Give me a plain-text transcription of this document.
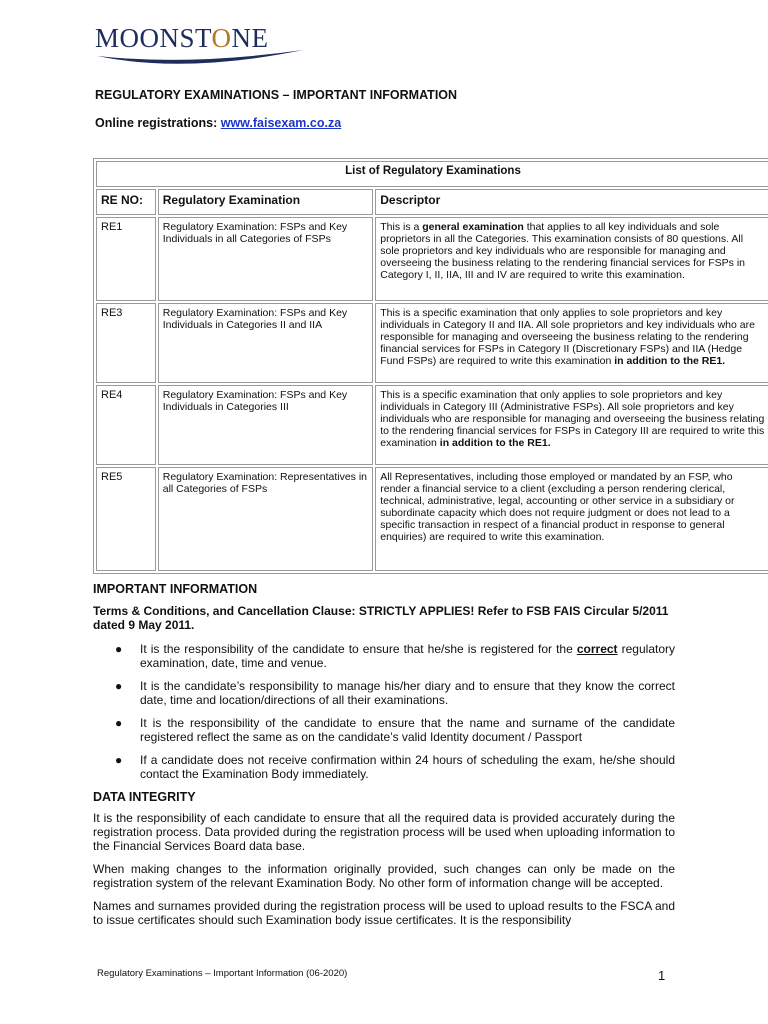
MOONSTONE
REGULATORY EXAMINATIONS – IMPORTANT INFORMATION
Online registrations: www.faisexam.co.za
List of Regulatory Examinations		
RE NO:	Regulatory Examination	Descriptor
RE1	Regulatory Examination: FSPs and Key Individuals in all Categories of FSPs	This is a general examination that applies to all key individuals and sole proprietors in all the Categories. This examination consists of 80 questions. All sole proprietors and key individuals who are responsible for managing and overseeing the business relating to the rendering financial services for FSPs in Category I, II, IIA, III and IV are required to write this examination.
RE3	Regulatory Examination: FSPs and Key Individuals in Categories II and IIA	This is a specific examination that only applies to sole proprietors and key individuals in Category II and IIA. All sole proprietors and key individuals who are responsible for managing and overseeing the business relating to the rendering financial services for FSPs in Category II (Discretionary FSPs) and IIA (Hedge Fund FSPs) are required to write this examination in addition to the RE1.
RE4	Regulatory Examination: FSPs and Key Individuals in Categories III	This is a specific examination that only applies to sole proprietors and key individuals in Category III (Administrative FSPs). All sole proprietors and key individuals who are responsible for managing and overseeing the business relating to the rendering financial services for FSPs in Category III are required to write this examination in addition to the RE1.
RE5	Regulatory Examination: Representatives in all Categories of FSPs	All Representatives, including those employed or mandated by an FSP, who render a financial service to a client (excluding a person rendering clerical, technical, administrative, legal, accounting or other service in a subsidiary or subordinate capacity which does not require judgment or does not lead to a specific transaction in respect of a financial product in response to general enquiries) are required to write this examination.
IMPORTANT INFORMATION
Terms & Conditions, and Cancellation Clause: STRICTLY APPLIES! Refer to FSB FAIS Circular 5/2011 dated 9 May 2011.
● It is the responsibility of the candidate to ensure that he/she is registered for the correct regulatory examination, date, time and venue.
● It is the candidate’s responsibility to manage his/her diary and to ensure that they know the correct date, time and location/directions of all their examinations.
● It is the responsibility of the candidate to ensure that the name and surname of the candidate registered reflect the same as on the candidate’s valid Identity document / Passport
● If a candidate does not receive confirmation within 24 hours of scheduling the exam, he/she should contact the Examination Body immediately.
DATA INTEGRITY
It is the responsibility of each candidate to ensure that all the required data is provided accurately during the registration process. Data provided during the registration process will be used when uploading information to the Financial Services Board data base.
When making changes to the information originally provided, such changes can only be made on the registration system of the relevant Examination Body. No other form of information change will be accepted.
Names and surnames provided during the registration process will be used to upload results to the FSCA and to issue certificates should such Examination body issue certificates. It is the responsibility
Regulatory Examinations – Important Information (06-2020)	1
